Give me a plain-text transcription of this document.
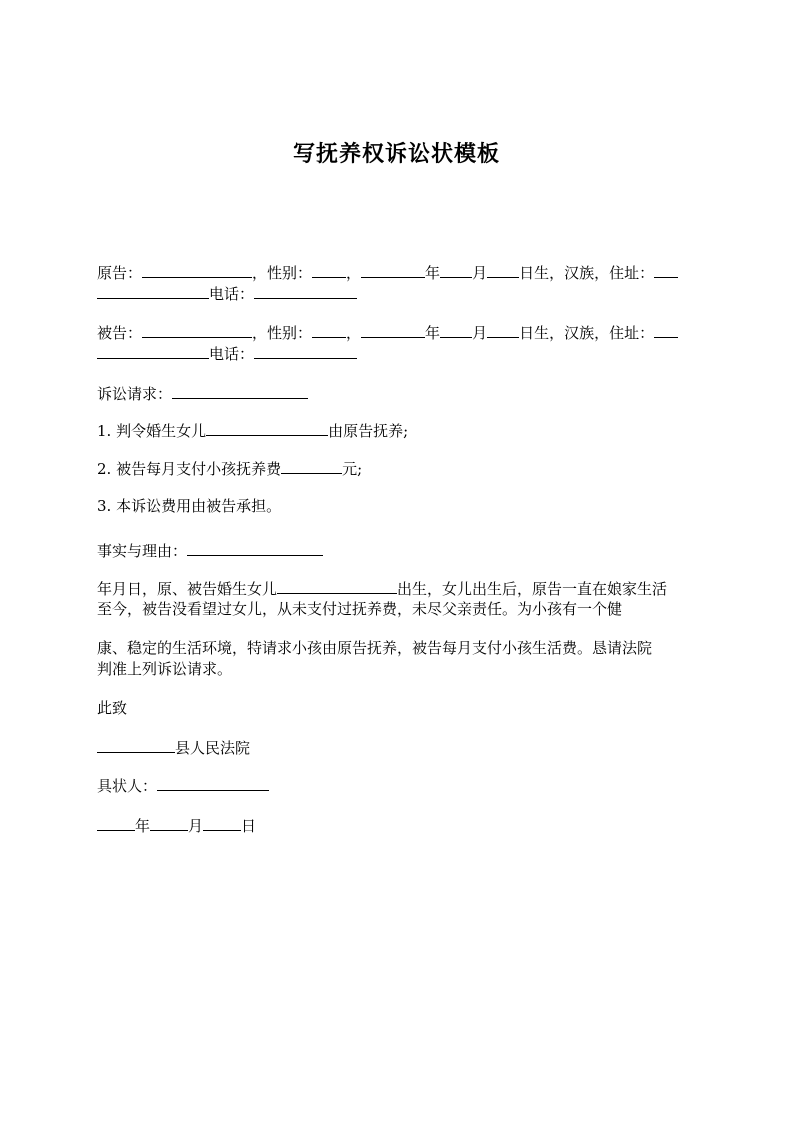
写抚养权诉讼状模板
原告：	，性别： ，	年 月 日生，汉族，住址：
电话：
被告：	，性别： ，	年 月 日生，汉族，住址：
电话：
诉讼请求：
1. 判令婚生女儿	由原告抚养;
2. 被告每月支付小孩抚养费	元;
3. 本诉讼费用由被告承担。
事实与理由：
年月日，原、被告婚生女儿	出生，女儿出生后，原告一直在娘家生活
至今，被告没看望过女儿，从未支付过抚养费，未尽父亲责任。为小孩有一个健
康、稳定的生活环境，特请求小孩由原告抚养，被告每月支付小孩生活费。恳请法院
判准上列诉讼请求。
此致
县人民法院
具状人：
年	月	日
